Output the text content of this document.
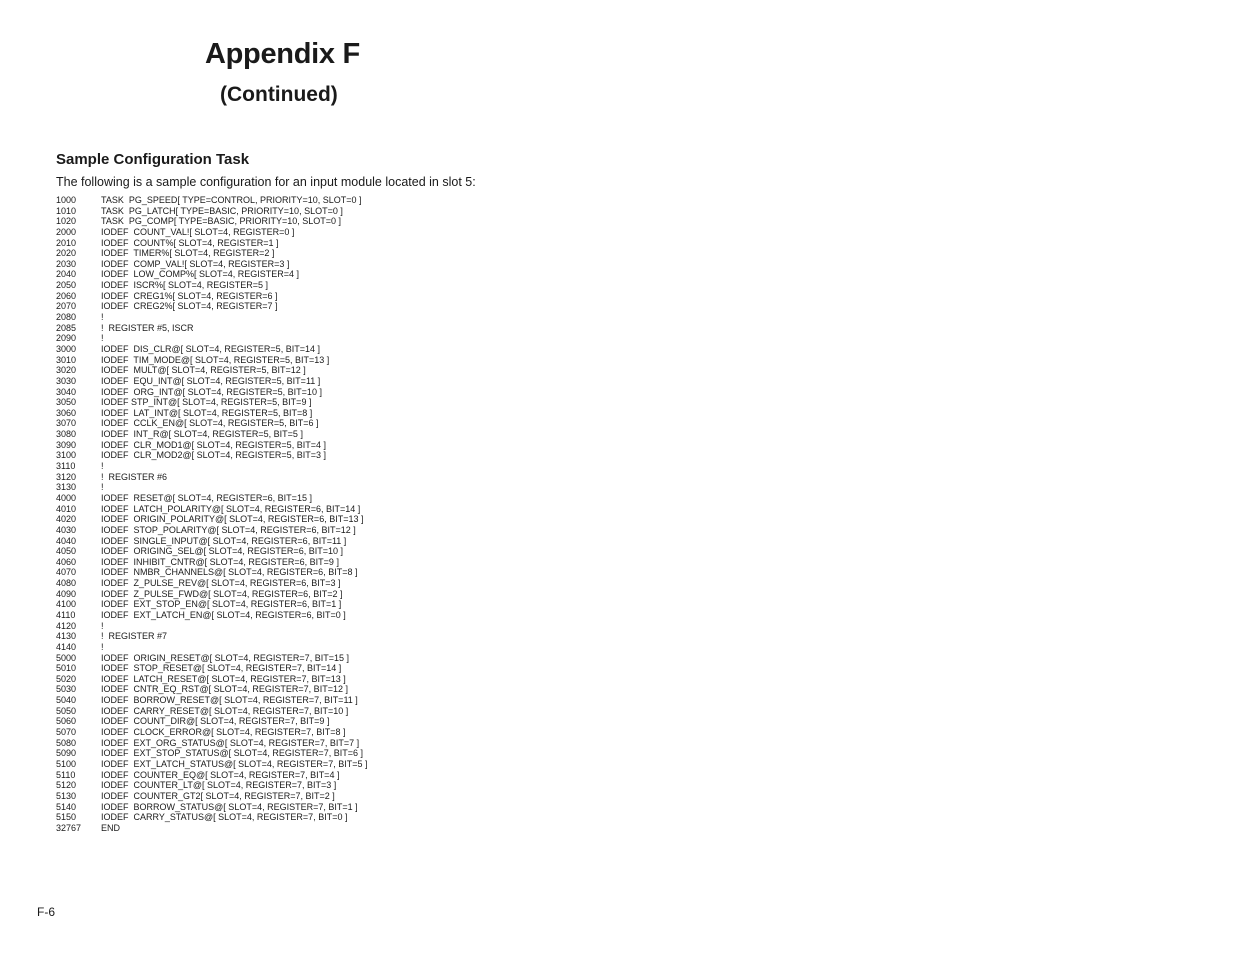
Appendix F
(Continued)
Sample Configuration Task

The following is a sample configuration for an input module located in slot 5:

1000	TASK  PG_SPEED[ TYPE=CONTROL, PRIORITY=10, SLOT=0 ]
1010	TASK  PG_LATCH[ TYPE=BASIC, PRIORITY=10, SLOT=0 ]
1020	TASK  PG_COMP[ TYPE=BASIC, PRIORITY=10, SLOT=0 ]
2000	IODEF  COUNT_VAL![ SLOT=4, REGISTER=0 ]
2010	IODEF  COUNT%[ SLOT=4, REGISTER=1 ]
2020	IODEF  TIMER%[ SLOT=4, REGISTER=2 ]
2030	IODEF  COMP_VAL![ SLOT=4, REGISTER=3 ]
2040	IODEF  LOW_COMP%[ SLOT=4, REGISTER=4 ]
2050	IODEF  ISCR%[ SLOT=4, REGISTER=5 ]
2060	IODEF  CREG1%[ SLOT=4, REGISTER=6 ]
2070	IODEF  CREG2%[ SLOT=4, REGISTER=7 ]
2080	!
2085	!  REGISTER #5, ISCR
2090	!
3000	IODEF  DIS_CLR@[ SLOT=4, REGISTER=5, BIT=14 ]
3010	IODEF  TIM_MODE@[ SLOT=4, REGISTER=5, BIT=13 ]
3020	IODEF  MULT@[ SLOT=4, REGISTER=5, BIT=12 ]
3030	IODEF  EQU_INT@[ SLOT=4, REGISTER=5, BIT=11 ]
3040	IODEF  ORG_INT@[ SLOT=4, REGISTER=5, BIT=10 ]
3050	IODEF STP_INT@[ SLOT=4, REGISTER=5, BIT=9 ]
3060	IODEF  LAT_INT@[ SLOT=4, REGISTER=5, BIT=8 ]
3070	IODEF  CCLK_EN@[ SLOT=4, REGISTER=5, BIT=6 ]
3080	IODEF  INT_R@[ SLOT=4, REGISTER=5, BIT=5 ]
3090	IODEF  CLR_MOD1@[ SLOT=4, REGISTER=5, BIT=4 ]
3100	IODEF  CLR_MOD2@[ SLOT=4, REGISTER=5, BIT=3 ]
3110	!
3120	!  REGISTER #6
3130	!
4000	IODEF  RESET@[ SLOT=4, REGISTER=6, BIT=15 ]
4010	IODEF  LATCH_POLARITY@[ SLOT=4, REGISTER=6, BIT=14 ]
4020	IODEF  ORIGIN_POLARITY@[ SLOT=4, REGISTER=6, BIT=13 ]
4030	IODEF  STOP_POLARITY@[ SLOT=4, REGISTER=6, BIT=12 ]
4040	IODEF  SINGLE_INPUT@[ SLOT=4, REGISTER=6, BIT=11 ]
4050	IODEF  ORIGING_SEL@[ SLOT=4, REGISTER=6, BIT=10 ]
4060	IODEF  INHIBIT_CNTR@[ SLOT=4, REGISTER=6, BIT=9 ]
4070	IODEF  NMBR_CHANNELS@[ SLOT=4, REGISTER=6, BIT=8 ]
4080	IODEF  Z_PULSE_REV@[ SLOT=4, REGISTER=6, BIT=3 ]
4090	IODEF  Z_PULSE_FWD@[ SLOT=4, REGISTER=6, BIT=2 ]
4100	IODEF  EXT_STOP_EN@[ SLOT=4, REGISTER=6, BIT=1 ]
4110	IODEF  EXT_LATCH_EN@[ SLOT=4, REGISTER=6, BIT=0 ]
4120	!
4130	!  REGISTER #7
4140	!
5000	IODEF  ORIGIN_RESET@[ SLOT=4, REGISTER=7, BIT=15 ]
5010	IODEF  STOP_RESET@[ SLOT=4, REGISTER=7, BIT=14 ]
5020	IODEF  LATCH_RESET@[ SLOT=4, REGISTER=7, BIT=13 ]
5030	IODEF  CNTR_EQ_RST@[ SLOT=4, REGISTER=7, BIT=12 ]
5040	IODEF  BORROW_RESET@[ SLOT=4, REGISTER=7, BIT=11 ]
5050	IODEF  CARRY_RESET@[ SLOT=4, REGISTER=7, BIT=10 ]
5060	IODEF  COUNT_DIR@[ SLOT=4, REGISTER=7, BIT=9 ]
5070	IODEF  CLOCK_ERROR@[ SLOT=4, REGISTER=7, BIT=8 ]
5080	IODEF  EXT_ORG_STATUS@[ SLOT=4, REGISTER=7, BIT=7 ]
5090	IODEF  EXT_STOP_STATUS@[ SLOT=4, REGISTER=7, BIT=6 ]
5100	IODEF  EXT_LATCH_STATUS@[ SLOT=4, REGISTER=7, BIT=5 ]
5110	IODEF  COUNTER_EQ@[ SLOT=4, REGISTER=7, BIT=4 ]
5120	IODEF  COUNTER_LT@[ SLOT=4, REGISTER=7, BIT=3 ]
5130	IODEF  COUNTER_GT2[ SLOT=4, REGISTER=7, BIT=2 ]
5140	IODEF  BORROW_STATUS@[ SLOT=4, REGISTER=7, BIT=1 ]
5150	IODEF  CARRY_STATUS@[ SLOT=4, REGISTER=7, BIT=0 ]
32767	END

F-6
